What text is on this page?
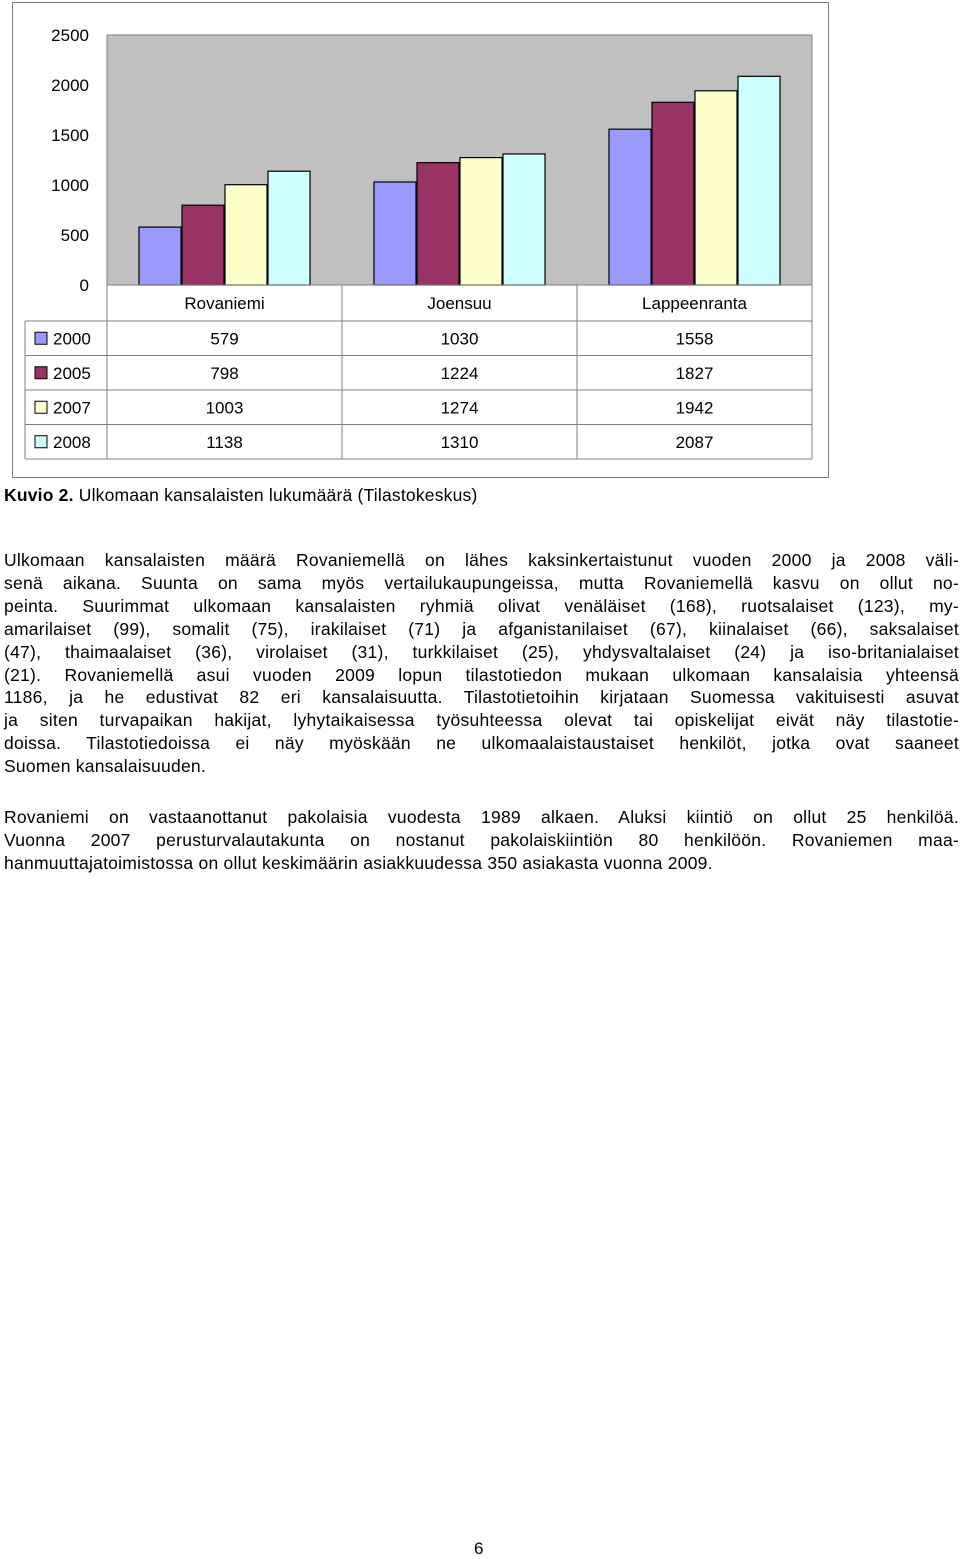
2500
2000
1500
1000
500
0
Rovaniemi	Joensuu	Lappeenranta
2000	579	1030	1558
2005	798	1224	1827
2007	1003	1274	1942
2008	1138	1310	2087
Kuvio 2. Ulkomaan kansalaisten lukumäärä (Tilastokeskus)
Ulkomaan kansalaisten määrä Rovaniemellä on lähes kaksinkertaistunut vuoden 2000 ja 2008 väli-
senä aikana. Suunta on sama myös vertailukaupungeissa, mutta Rovaniemellä kasvu on ollut no-
peinta. Suurimmat ulkomaan kansalaisten ryhmiä olivat venäläiset (168), ruotsalaiset (123), my-
amarilaiset (99), somalit (75), irakilaiset (71) ja afganistanilaiset (67), kiinalaiset (66), saksalaiset
(47), thaimaalaiset (36), virolaiset (31), turkkilaiset (25), yhdysvaltalaiset (24) ja iso-britanialaiset
(21). Rovaniemellä asui vuoden 2009 lopun tilastotiedon mukaan ulkomaan kansalaisia yhteensä
1186, ja he edustivat 82 eri kansalaisuutta. Tilastotietoihin kirjataan Suomessa vakituisesti asuvat
ja siten turvapaikan hakijat, lyhytaikaisessa työsuhteessa olevat tai opiskelijat eivät näy tilastotie-
doissa. Tilastotiedoissa ei näy myöskään ne ulkomaalaistaustaiset henkilöt, jotka ovat saaneet
Suomen kansalaisuuden.
Rovaniemi on vastaanottanut pakolaisia vuodesta 1989 alkaen. Aluksi kiintiö on ollut 25 henkilöä.
Vuonna 2007 perusturvalautakunta on nostanut pakolaiskiintiön 80 henkilöön. Rovaniemen maa-
hanmuuttajatoimistossa on ollut keskimäärin asiakkuudessa 350 asiakasta vuonna 2009.
6
